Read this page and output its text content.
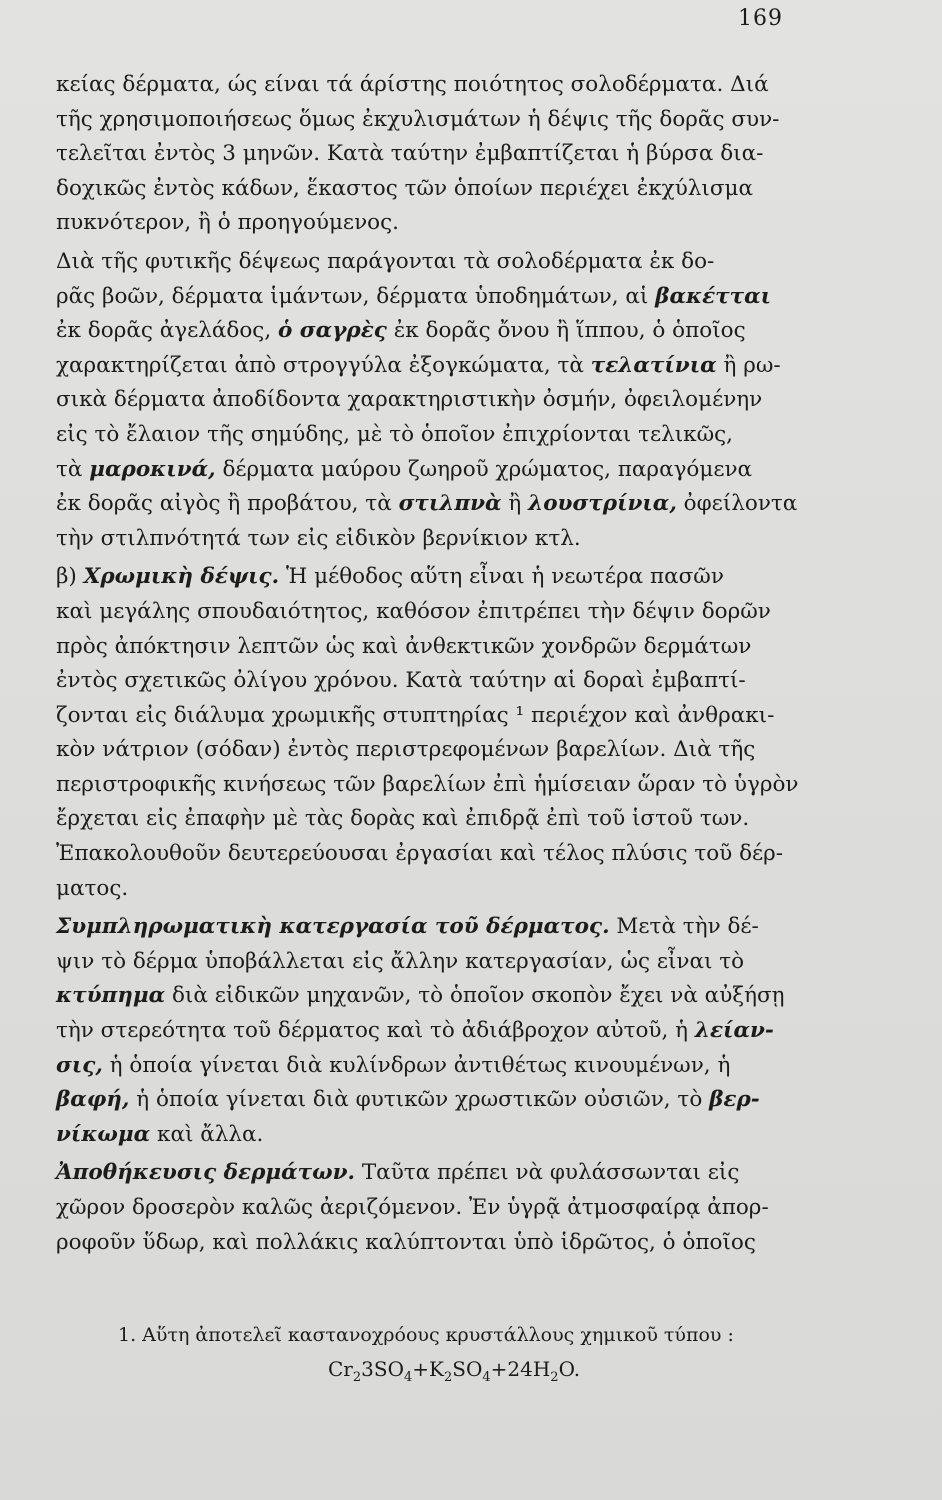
169
κείας δέρματα, ώς είναι τά άρίστης ποιότητος σολοδέρματα. Διά
τῆς χρησιμοποιήσεως ὅμως ἐκχυλισμάτων ἡ δέψις τῆς δορᾶς συν-
τελεῖται ἐντὸς 3 μηνῶν. Κατὰ ταύτην ἐμβαπτίζεται ἡ βύρσα δια-
δοχικῶς ἐντὸς κάδων, ἕκαστος τῶν ὁποίων περιέχει ἐκχύλισμα
πυκνότερον, ἢ ὁ προηγούμενος.
Διὰ τῆς φυτικῆς δέψεως παράγονται τὰ σολοδέρματα ἐκ δο-
ρᾶς βοῶν, δέρματα ἱμάντων, δέρματα ὑποδημάτων, αἱ βακέτται
ἐκ δορᾶς ἀγελάδος, ὁ σαγρὲς ἐκ δορᾶς ὄνου ἢ ἵππου, ὁ ὁποῖος
χαρακτηρίζεται ἀπὸ στρογγύλα ἐξογκώματα, τὰ τελατίνια ἢ ρω-
σικὰ δέρματα ἀποδίδοντα χαρακτηριστικὴν ὀσμήν, ὀφειλομένην
εἰς τὸ ἔλαιον τῆς σημύδης, μὲ τὸ ὁποῖον ἐπιχρίονται τελικῶς,
τὰ μαροκινά, δέρματα μαύρου ζωηροῦ χρώματος, παραγόμενα
ἐκ δορᾶς αἰγὸς ἢ προβάτου, τὰ στιλπνὰ ἢ λουστρίνια, ὀφείλοντα
τὴν στιλπνότητά των εἰς εἰδικὸν βερνίκιον κτλ.
β) Χρωμικὴ δέψις. Ἡ μέθοδος αὕτη εἶναι ἡ νεωτέρα πασῶν
καὶ μεγάλης σπουδαιότητος, καθόσον ἐπιτρέπει τὴν δέψιν δορῶν
πρὸς ἀπόκτησιν λεπτῶν ὡς καὶ ἀνθεκτικῶν χονδρῶν δερμάτων
ἐντὸς σχετικῶς ὀλίγου χρόνου. Κατὰ ταύτην αἱ δοραὶ ἐμβαπτί-
ζονται εἰς διάλυμα χρωμικῆς στυπτηρίας ¹ περιέχον καὶ ἀνθρακι-
κὸν νάτριον (σόδαν) ἐντὸς περιστρεφομένων βαρελίων. Διὰ τῆς
περιστροφικῆς κινήσεως τῶν βαρελίων ἐπὶ ἡμίσειαν ὥραν τὸ ὑγρὸν
ἔρχεται εἰς ἐπαφὴν μὲ τὰς δορὰς καὶ ἐπιδρᾷ ἐπὶ τοῦ ἱστοῦ των.
Ἐπακολουθοῦν δευτερεύουσαι ἐργασίαι καὶ τέλος πλύσις τοῦ δέρ-
ματος.
Συμπληρωματικὴ κατεργασία τοῦ δέρματος. Μετὰ τὴν δέ-
ψιν τὸ δέρμα ὑποβάλλεται εἰς ἄλλην κατεργασίαν, ὡς εἶναι τὸ
κτύπημα διὰ εἰδικῶν μηχανῶν, τὸ ὁποῖον σκοπὸν ἔχει νὰ αὐξήσῃ
τὴν στερεότητα τοῦ δέρματος καὶ τὸ ἀδιάβροχον αὐτοῦ, ἡ λείαν-
σις, ἡ ὁποία γίνεται διὰ κυλίνδρων ἀντιθέτως κινουμένων, ἡ
βαφή, ἡ ὁποία γίνεται διὰ φυτικῶν χρωστικῶν οὐσιῶν, τὸ βερ-
νίκωμα καὶ ἄλλα.
Ἀποθήκευσις δερμάτων. Ταῦτα πρέπει νὰ φυλάσσωνται εἰς
χῶρον δροσερὸν καλῶς ἀεριζόμενον. Ἐν ὑγρᾷ ἀτμοσφαίρᾳ ἀπορ-
ροφοῦν ὕδωρ, καὶ πολλάκις καλύπτονται ὑπὸ ἱδρῶτος, ὁ ὁποῖος
1. Αὕτη ἀποτελεῖ καστανοχρόους κρυστάλλους χημικοῦ τύπου :
$Cr_23SO_4+K_2SO_4+24H_2O$.
